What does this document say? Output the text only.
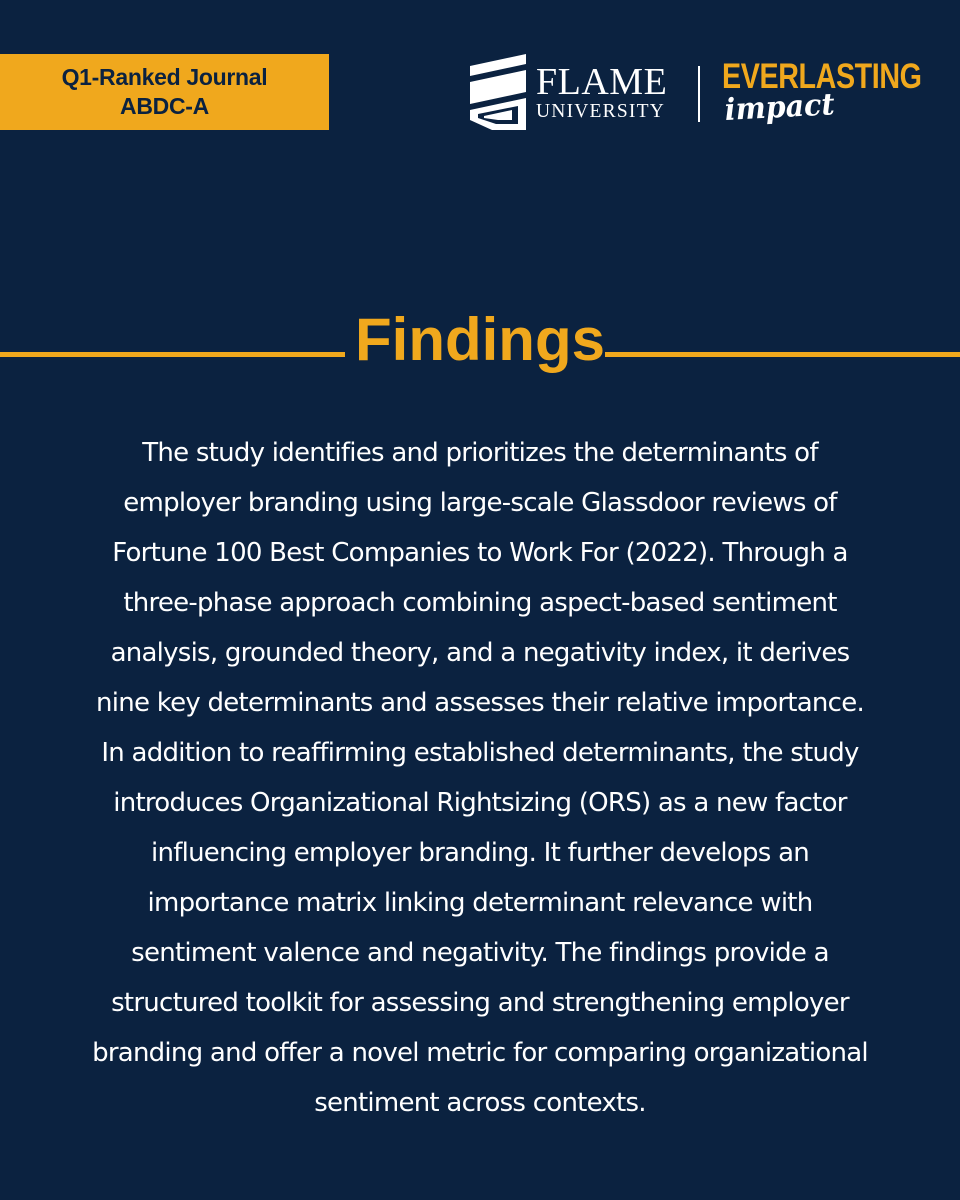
Q1-Ranked Journal
ABDC-A
FLAME
UNIVERSITY
EVERLASTING
impact
Findings
The study identifies and prioritizes the determinants of
employer branding using large-scale Glassdoor reviews of
Fortune 100 Best Companies to Work For (2022). Through a
three-phase approach combining aspect-based sentiment
analysis, grounded theory, and a negativity index, it derives
nine key determinants and assesses their relative importance.
In addition to reaffirming established determinants, the study
introduces Organizational Rightsizing (ORS) as a new factor
influencing employer branding. It further develops an
importance matrix linking determinant relevance with
sentiment valence and negativity. The findings provide a
structured toolkit for assessing and strengthening employer
branding and offer a novel metric for comparing organizational
sentiment across contexts.
